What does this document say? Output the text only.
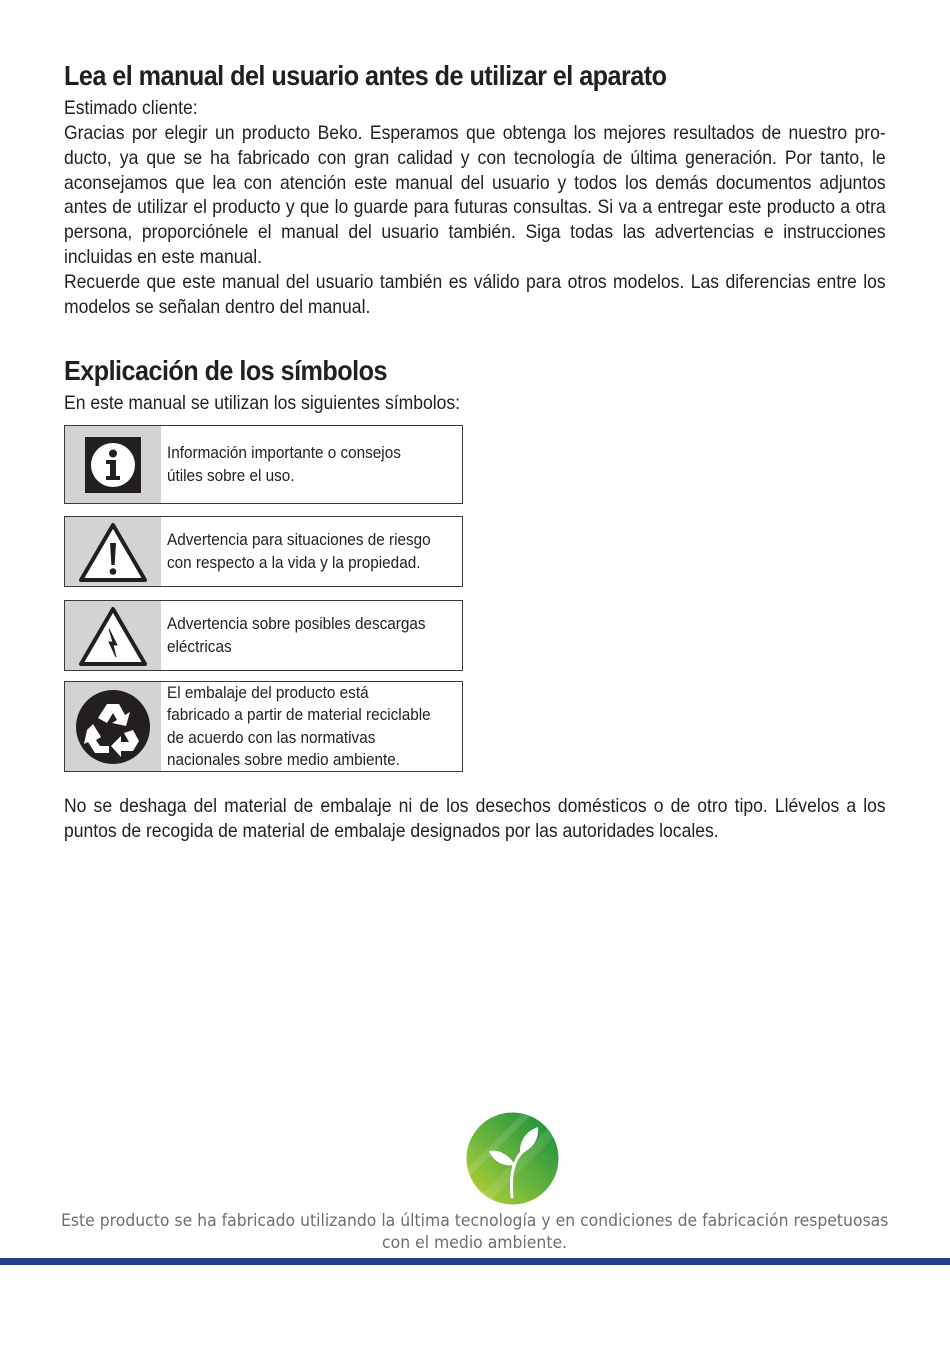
Lea el manual del usuario antes de utilizar el aparato

Estimado cliente:

Gracias por elegir un producto Beko. Esperamos que obtenga los mejores resultados de nuestro pro-ducto, ya que se ha fabricado con gran calidad y con tecnología de última generación. Por tanto, le aconsejamos que lea con atención este manual del usuario y todos los demás documentos adjuntos antes de utilizar el producto y que lo guarde para futuras consultas. Si va a entregar este producto a otra persona, proporciónele el manual del usuario también. Siga todas las advertencias e instrucciones incluidas en este manual.

Recuerde que este manual del usuario también es válido para otros modelos. Las diferencias entre los modelos se señalan dentro del manual.

Explicación de los símbolos

En este manual se utilizan los siguientes símbolos:

Información importante o consejos útiles sobre el uso.
Advertencia para situaciones de riesgo con respecto a la vida y la propiedad.
Advertencia sobre posibles descargas eléctricas
El embalaje del producto está fabricado a partir de material reciclable de acuerdo con las normativas nacionales sobre medio ambiente.

No se deshaga del material de embalaje ni de los desechos domésticos o de otro tipo. Llévelos a los puntos de recogida de material de embalaje designados por las autoridades locales.

Este producto se ha fabricado utilizando la última tecnología y en condiciones de fabricación respetuosas
con el medio ambiente.
